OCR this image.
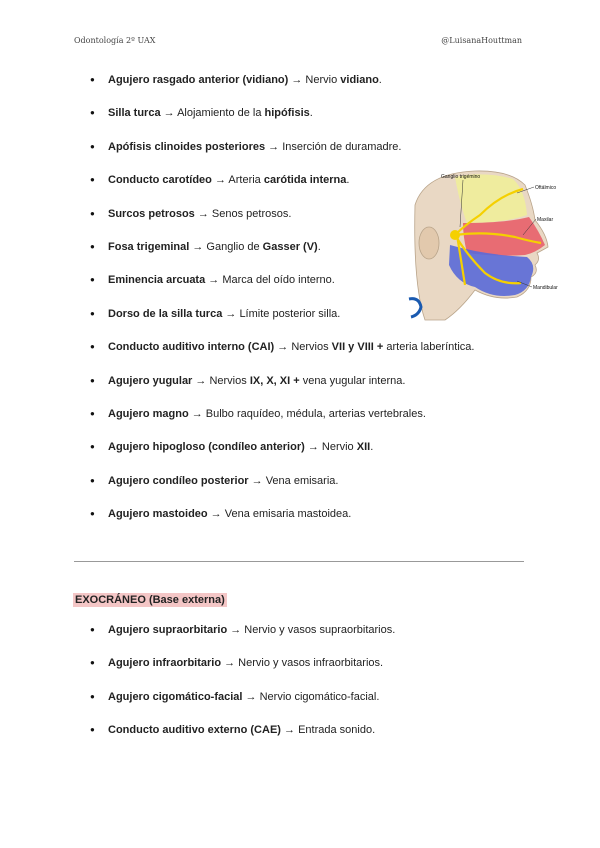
Odontología 2º UAX	@LuisanaHouttman
● Agujero rasgado anterior (vidiano) → Nervio vidiano.
● Silla turca → Alojamiento de la hipófisis.
● Apófisis clinoides posteriores → Inserción de duramadre.
● Conducto carotídeo → Arteria carótida interna.
● Surcos petrosos → Senos petrosos.
● Fosa trigeminal → Ganglio de Gasser (V).
● Eminencia arcuata → Marca del oído interno.
● Dorso de la silla turca → Límite posterior silla.
● Conducto auditivo interno (CAI) → Nervios VII y VIII + arteria laberíntica.
● Agujero yugular → Nervios IX, X, XI + vena yugular interna.
● Agujero magno → Bulbo raquídeo, médula, arterias vertebrales.
● Agujero hipogloso (condíleo anterior) → Nervio XII.
● Agujero condíleo posterior → Vena emisaria.
● Agujero mastoideo → Vena emisaria mastoidea.
Ganglio trigémino
Oftálmico
Maxilar
Mandibular
EXOCRÁNEO (Base externa)
● Agujero supraorbitario → Nervio y vasos supraorbitarios.
● Agujero infraorbitario → Nervio y vasos infraorbitarios.
● Agujero cigomático-facial → Nervio cigomático-facial.
● Conducto auditivo externo (CAE) → Entrada sonido.
